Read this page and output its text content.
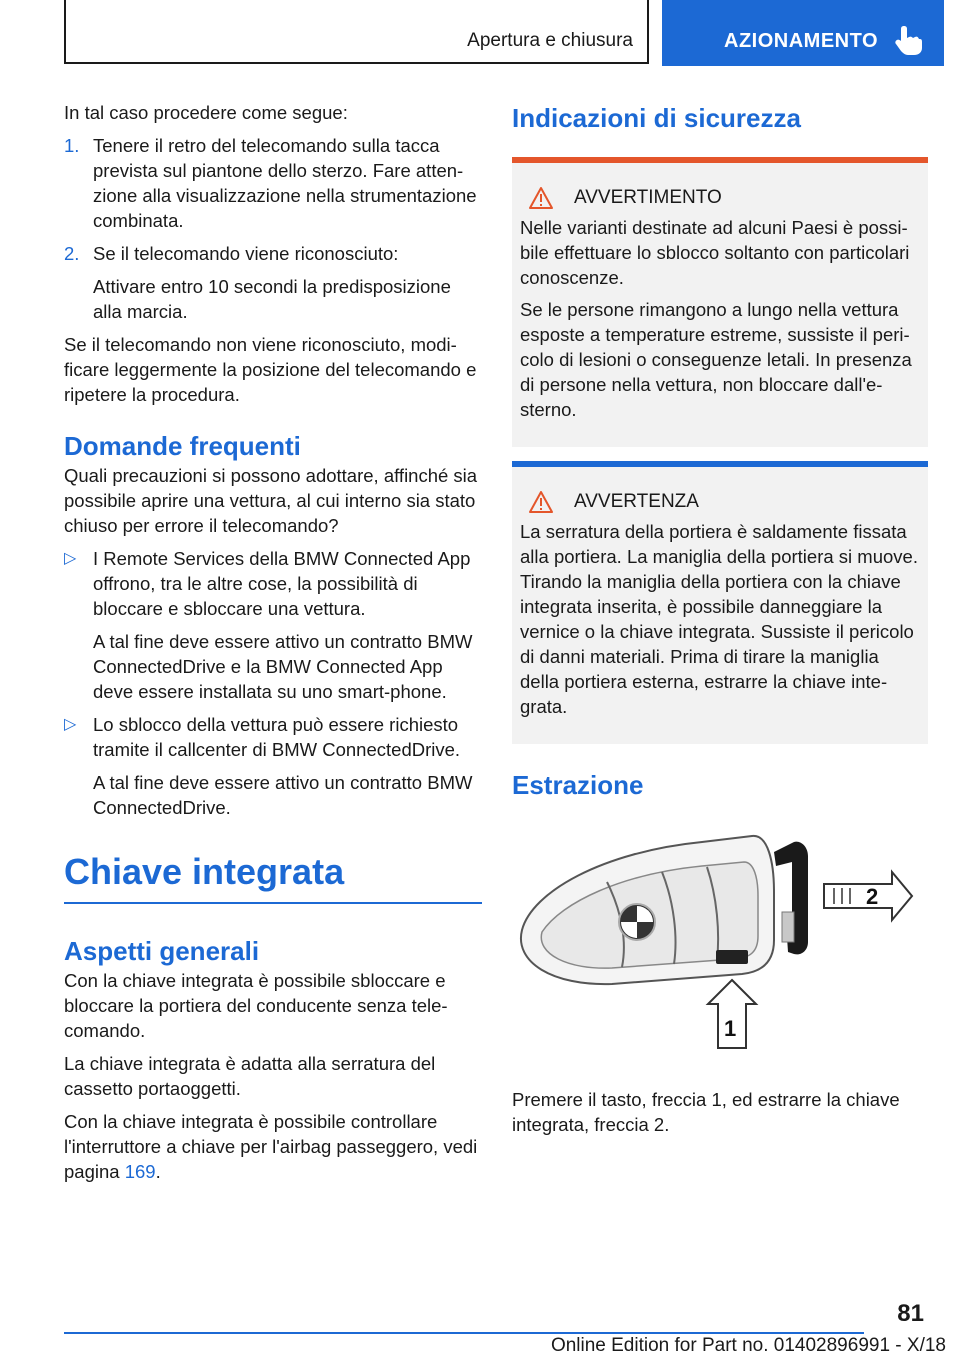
Apertura e chiusura	AZIONAMENTO

In tal caso procedere come segue:

1. Tenere il retro del telecomando sulla tacca prevista sul piantone dello sterzo. Fare atten-zione alla visualizzazione nella strumentazione combinata.
2. Se il telecomando viene riconosciuto:

Attivare entro 10 secondi la predisposizione alla marcia.

Se il telecomando non viene riconosciuto, modi-ficare leggermente la posizione del telecomando e ripetere la procedura.

Domande frequenti

Quali precauzioni si possono adottare, affinché sia possibile aprire una vettura, al cui interno sia stato chiuso per errore il telecomando?

▷ I Remote Services della BMW Connected App offrono, tra le altre cose, la possibilità di bloccare e sbloccare una vettura.
A tal fine deve essere attivo un contratto BMW ConnectedDrive e la BMW Connected App deve essere installata su uno smart-phone.
▷ Lo sblocco della vettura può essere richiesto tramite il callcenter di BMW ConnectedDrive.
A tal fine deve essere attivo un contratto BMW ConnectedDrive.
Chiave integrata
Aspetti generali

Con la chiave integrata è possibile sbloccare e bloccare la portiera del conducente senza tele-comando.

La chiave integrata è adatta alla serratura del cassetto portaoggetti.

Con la chiave integrata è possibile controllare l'interruttore a chiave per l'airbag passeggero, vedi pagina 169.

Indicazioni di sicurezza
AVVERTIMENTO

Nelle varianti destinate ad alcuni Paesi è possi-bile effettuare lo sblocco soltanto con particolari conoscenze.

Se le persone rimangono a lungo nella vettura esposte a temperature estreme, sussiste il peri-colo di lesioni o conseguenze letali. In presenza di persone nella vettura, non bloccare dall'e-sterno.

AVVERTENZA

La serratura della portiera è saldamente fissata alla portiera. La maniglia della portiera si muove. Tirando la maniglia della portiera con la chiave integrata inserita, è possibile danneggiare la vernice o la chiave integrata. Sussiste il pericolo di danni materiali. Prima di tirare la maniglia della portiera esterna, estrarre la chiave inte-grata.

Estrazione
2
1

Premere il tasto, freccia 1, ed estrarre la chiave integrata, freccia 2.

81
Online Edition for Part no. 01402896991 - X/18
